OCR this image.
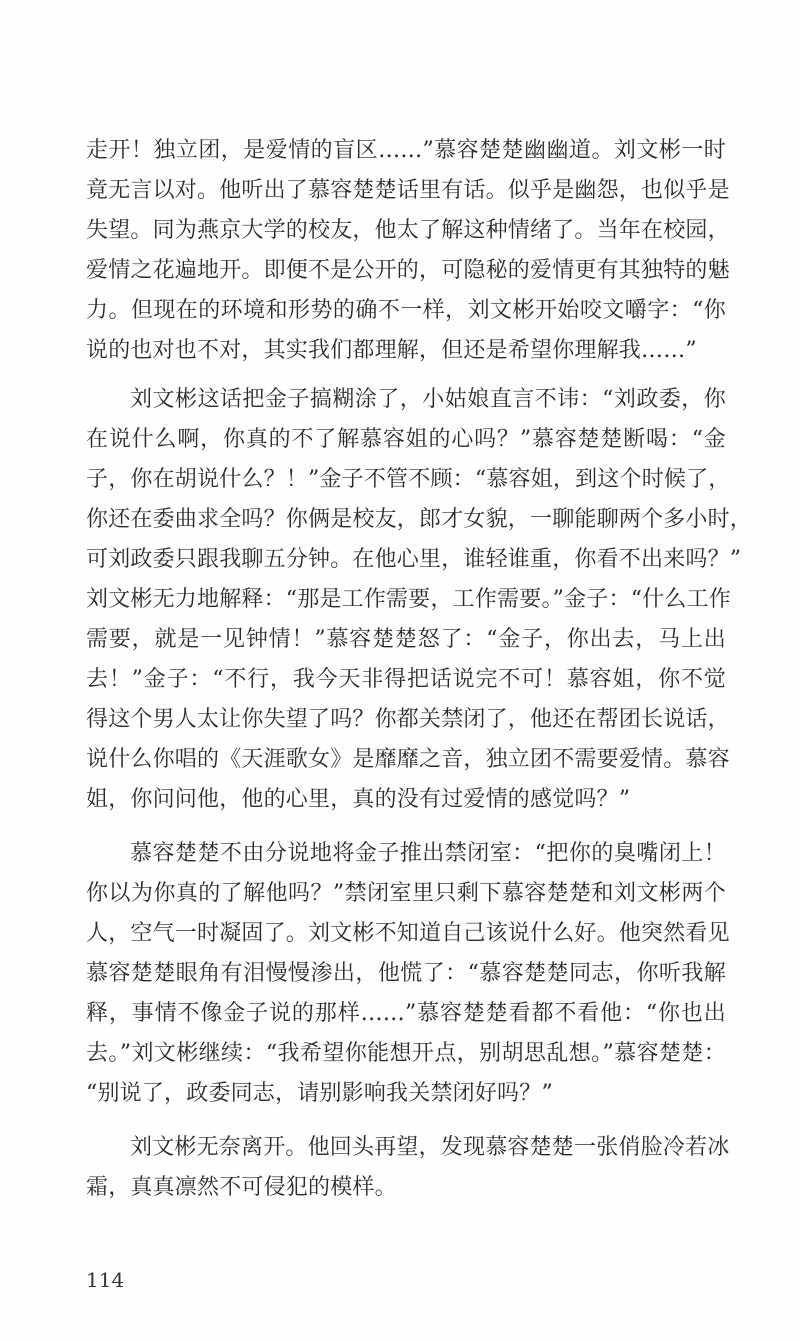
走开！独立团，是爱情的盲区……”慕容楚楚幽幽道。刘文彬一时
竟无言以对。他听出了慕容楚楚话里有话。似乎是幽怨，也似乎是
失望。同为燕京大学的校友，他太了解这种情绪了。当年在校园，
爱情之花遍地开。即便不是公开的，可隐秘的爱情更有其独特的魅
力。但现在的环境和形势的确不一样，刘文彬开始咬文嚼字：“你
说的也对也不对，其实我们都理解，但还是希望你理解我……”
刘文彬这话把金子搞糊涂了，小姑娘直言不讳：“刘政委，你
在说什么啊，你真的不了解慕容姐的心吗？”慕容楚楚断喝：“金
子，你在胡说什么？！”金子不管不顾：“慕容姐，到这个时候了，
你还在委曲求全吗？你俩是校友，郎才女貌，一聊能聊两个多小时，
可刘政委只跟我聊五分钟。在他心里，谁轻谁重，你看不出来吗？”
刘文彬无力地解释：“那是工作需要，工作需要。”金子：“什么工作
需要，就是一见钟情！”慕容楚楚怒了：“金子，你出去，马上出
去！”金子：“不行，我今天非得把话说完不可！慕容姐，你不觉
得这个男人太让你失望了吗？你都关禁闭了，他还在帮团长说话，
说什么你唱的《天涯歌女》是靡靡之音，独立团不需要爱情。慕容
姐，你问问他，他的心里，真的没有过爱情的感觉吗？”
慕容楚楚不由分说地将金子推出禁闭室：“把你的臭嘴闭上！
你以为你真的了解他吗？”禁闭室里只剩下慕容楚楚和刘文彬两个
人，空气一时凝固了。刘文彬不知道自己该说什么好。他突然看见
慕容楚楚眼角有泪慢慢渗出，他慌了：“慕容楚楚同志，你听我解
释，事情不像金子说的那样……”慕容楚楚看都不看他：“你也出
去。”刘文彬继续：“我希望你能想开点，别胡思乱想。”慕容楚楚：
“别说了，政委同志，请别影响我关禁闭好吗？”
刘文彬无奈离开。他回头再望，发现慕容楚楚一张俏脸冷若冰
霜，真真凛然不可侵犯的模样。
114
